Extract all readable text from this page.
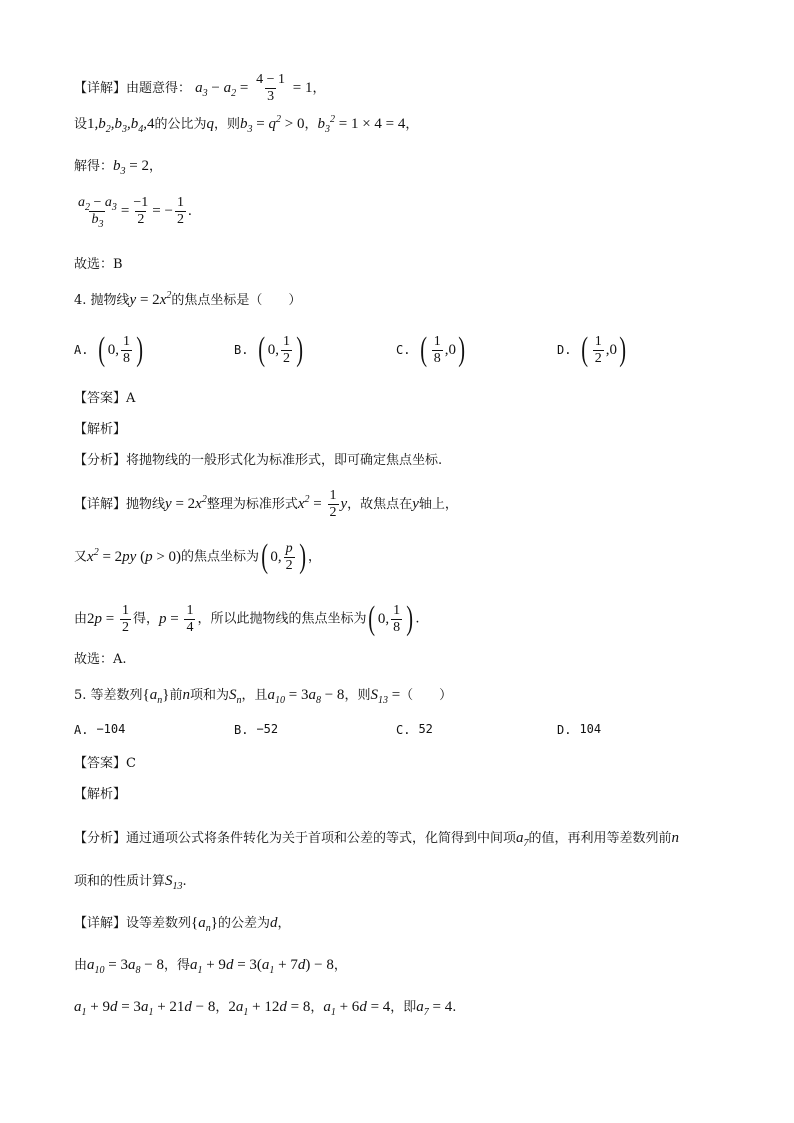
【详解】由题意得： $a_3 - a_2 = \frac{4 - 1}{3} = 1$，
设$1,b_2,b_3,b_4,4$的公比为q，则$b_3 = q^2 > 0$，$b_3^2 = 1 \times 4 = 4$，
解得：$b_3 = 2$，
$\frac{a_2 - a_3}{b_3} = \frac{-1}{2}$ = − $\frac{1}{2}$ .
故选：B
4. 抛物线$y = 2x^2$的焦点坐标是（　　）
A. ( 0, $\frac{1}{8}$ )	B. ( 0, $\frac{1}{2}$ )	C. ( $\frac{1}{8} ,0$ )	D. ( $\frac{1}{2} ,0$ )
【答案】A
【解析】
【分析】将抛物线的一般形式化为标准形式，即可确定焦点坐标.
【详解】抛物线$y = 2x^2$整理为标准形式$x^2 = \frac{1}{2}$ y，故焦点在y轴上，
又$x^2 = 2py$ (p > 0)的焦点坐标为 ( 0, $\frac{p}{2}$ ) ，
由$2p = \frac{1}{2}$ 得，$p = \frac{1}{4}$ ，所以此抛物线的焦点坐标为 ( 0, $\frac{1}{8}$ ) .
故选：A.
5. 等差数列$\{a_n\}$前n项和为$S_n$，且$a_{10} = 3a_8 - 8$，则$S_{13}$ =（　　）
A. −104	B. −52	C. 52	D. 104
【答案】C
【解析】
【分析】通过通项公式将条件转化为关于首项和公差的等式，化简得到中间项$a_7$的值，再利用等差数列前n
项和的性质计算$S_{13}$.
【详解】设等差数列$\{a_n\}$的公差为d，
由$a_{10} = 3a_8 - 8$，得$a_1 + 9d = 3(a_1 + 7d) - 8$，
$a_1 + 9d = 3a_1 + 21d - 8$，$2a_1 + 12d = 8$，$a_1 + 6d = 4$，即$a_7 = 4$.
